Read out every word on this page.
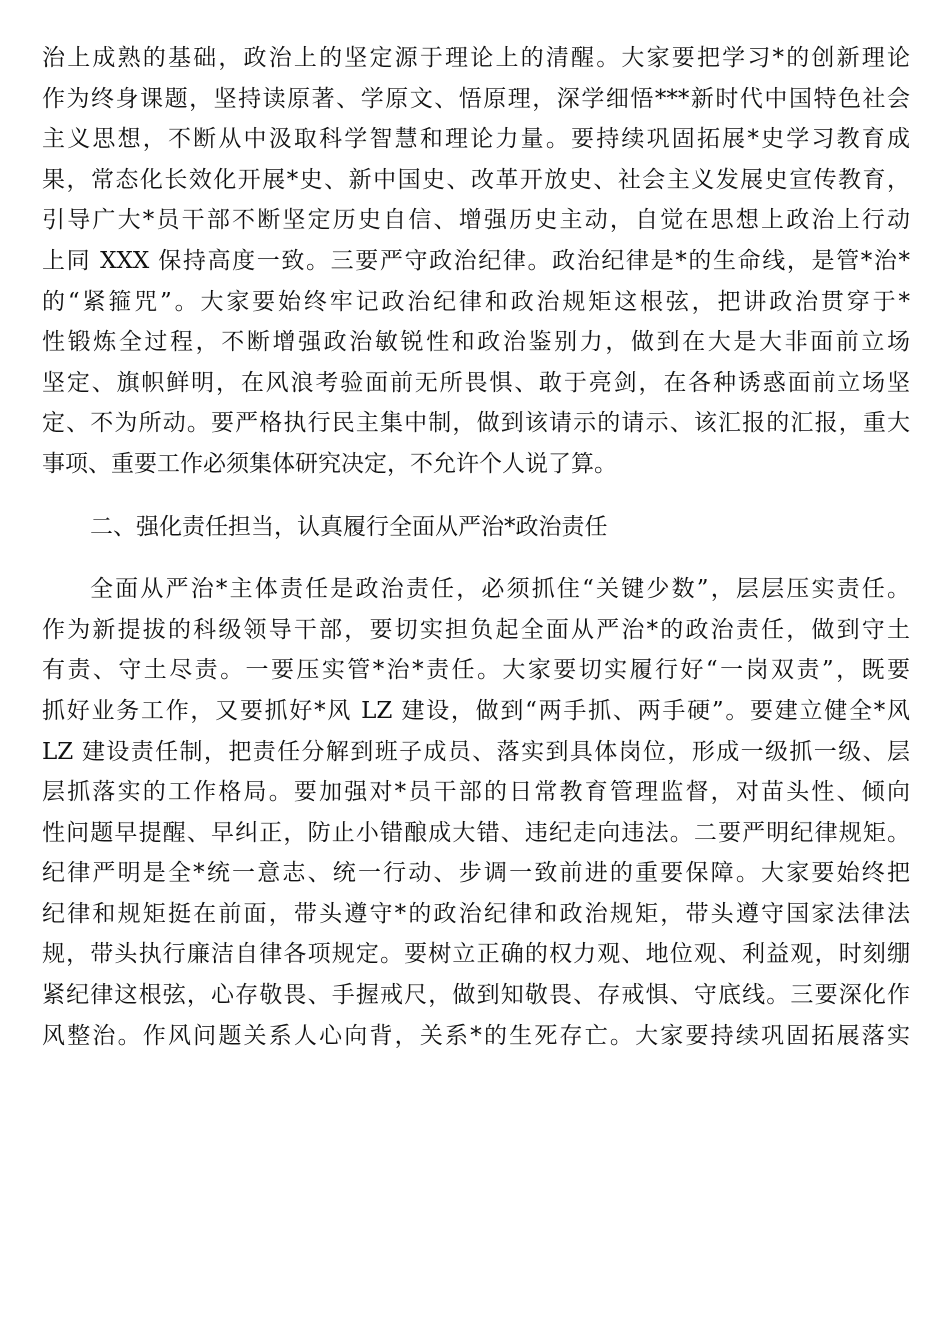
治上成熟的基础，政治上的坚定源于理论上的清醒。大家要把学习*的创新理论
作为终身课题，坚持读原著、学原文、悟原理，深学细悟***新时代中国特色社会
主义思想，不断从中汲取科学智慧和理论力量。要持续巩固拓展*史学习教育成
果，常态化长效化开展*史、新中国史、改革开放史、社会主义发展史宣传教育，
引导广大*员干部不断坚定历史自信、增强历史主动，自觉在思想上政治上行动
上同 XXX 保持高度一致。三要严守政治纪律。政治纪律是*的生命线，是管*治*
的“紧箍咒”。大家要始终牢记政治纪律和政治规矩这根弦，把讲政治贯穿于*
性锻炼全过程，不断增强政治敏锐性和政治鉴别力，做到在大是大非面前立场
坚定、旗帜鲜明，在风浪考验面前无所畏惧、敢于亮剑，在各种诱惑面前立场坚
定、不为所动。要严格执行民主集中制，做到该请示的请示、该汇报的汇报，重大
事项、重要工作必须集体研究决定，不允许个人说了算。
二、强化责任担当，认真履行全面从严治*政治责任
全面从严治*主体责任是政治责任，必须抓住“关键少数”，层层压实责任。
作为新提拔的科级领导干部，要切实担负起全面从严治*的政治责任，做到守土
有责、守土尽责。一要压实管*治*责任。大家要切实履行好“一岗双责”，既要
抓好业务工作，又要抓好*风 LZ 建设，做到“两手抓、两手硬”。要建立健全*风
LZ 建设责任制，把责任分解到班子成员、落实到具体岗位，形成一级抓一级、层
层抓落实的工作格局。要加强对*员干部的日常教育管理监督，对苗头性、倾向
性问题早提醒、早纠正，防止小错酿成大错、违纪走向违法。二要严明纪律规矩。
纪律严明是全*统一意志、统一行动、步调一致前进的重要保障。大家要始终把
纪律和规矩挺在前面，带头遵守*的政治纪律和政治规矩，带头遵守国家法律法
规，带头执行廉洁自律各项规定。要树立正确的权力观、地位观、利益观，时刻绷
紧纪律这根弦，心存敬畏、手握戒尺，做到知敬畏、存戒惧、守底线。三要深化作
风整治。作风问题关系人心向背，关系*的生死存亡。大家要持续巩固拓展落实
